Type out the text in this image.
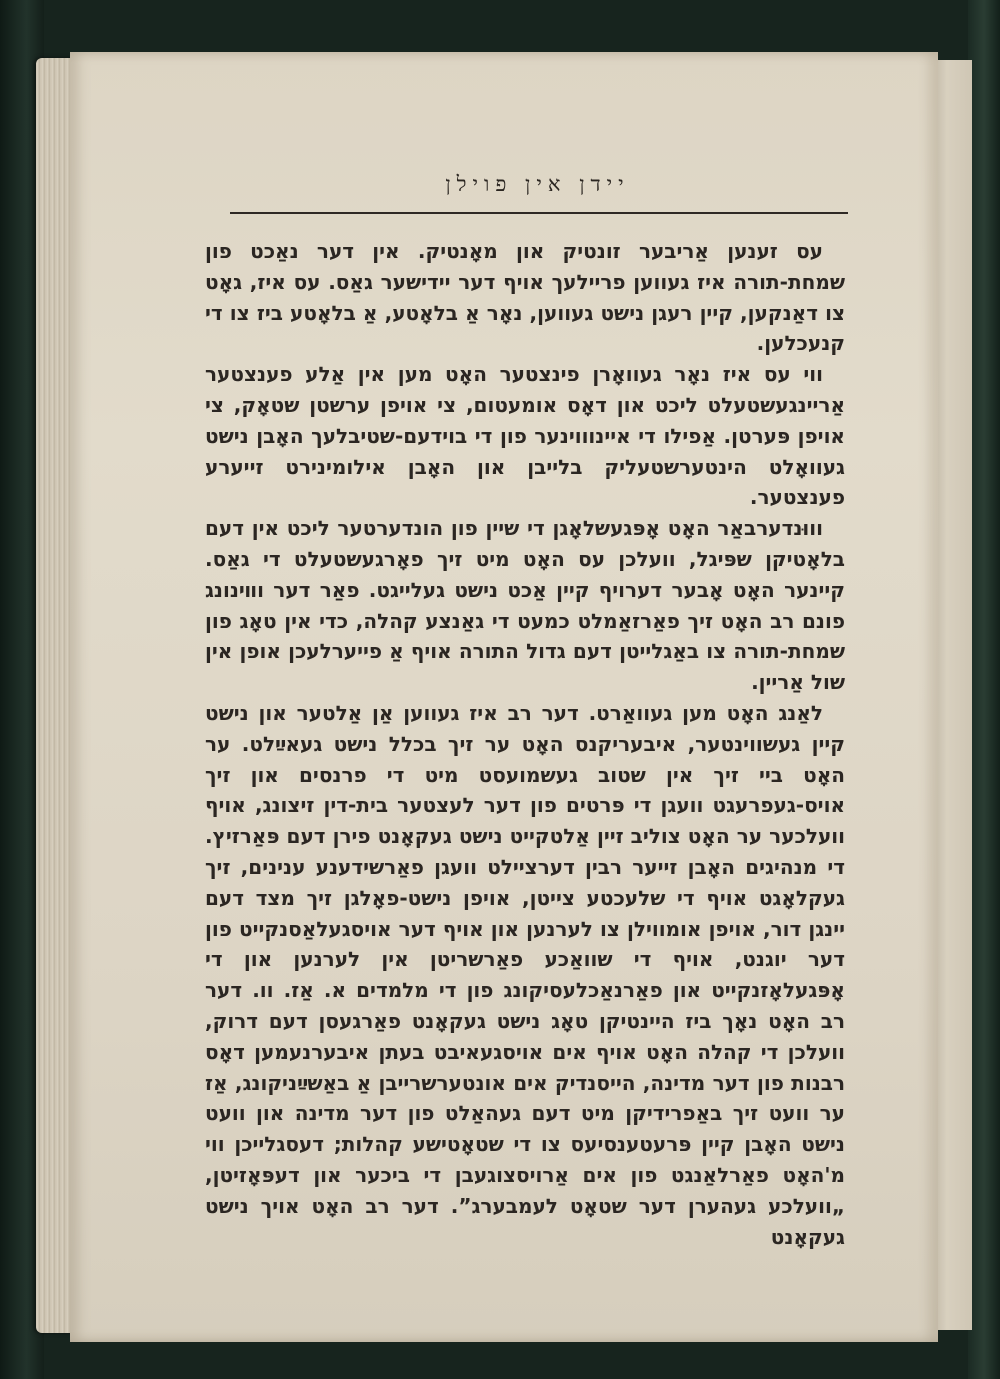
יידן אין פוילן

עס זענען אַריבער זונטיק און מאָנטיק. אין דער נאַכט פון שמחת-תורה איז געווען פריילעך אויף דער יידישער גאַס. עס איז, גאָט צו דאַנקען, קיין רעגן נישט געווען, נאָר אַ בלאָטע, אַ בלאָטע ביז צו די קנעכלען.

ווי עס איז נאָר געוואָרן פינצטער האָט מען אין אַלע פענצטער אַריינגעשטעלט ליכט און דאָס אומעטום, צי אויפן ערשטן שטאָק, צי אויפן פּערטן. אַפילו די איינוווינער פון די בוידעם-שטיבלעך האָבן נישט געוואָלט הינטערשטעליק בלייבן און האָבן אילומינירט זייערע פענצטער.

וווּנדערבאַר האָט אָפּגעשלאָגן די שיין פון הונדערטער ליכט אין דעם בלאָטיקן שפּיגל, וועלכן עס האָט מיט זיך פאָרגעשטעלט די גאַס. קיינער האָט אָבער דערויף קיין אַכט נישט געלייגט. פאַר דער ווױנונג פונם רב האָט זיך פאַרזאַמלט כמעט די גאַנצע קהלה, כדי אין טאָג פון שמחת-תורה צו באַגלייטן דעם גדול התורה אויף אַ פייערלעכן אופן אין שול אַריין.

לאַנג האָט מען געוואַרט. דער רב איז געווען אַן אַלטער און נישט קיין געשווינטער, איבעריקנס האָט ער זיך בכלל נישט געאײַלט. ער האָט ביי זיך אין שטוב געשמועסט מיט די פרנסים און זיך אויס-געפרעגט וועגן די פּרטים פון דער לעצטער בית-דין זיצונג, אויף וועלכער ער האָט צוליב זיין אַלטקייט נישט געקאָנט פירן דעם פּאַרזיץ. די מנהיגים האָבן זייער רבין דערציילט וועגן פאַרשידענע ענינים, זיך געקלאָגט אויף די שלעכטע צייטן, אויפן נישט-פאָלגן זיך מצד דעם יינגן דור, אויפן אומווילן צו לערנען און אויף דער אויסגעלאַסנקייט פון דער יוגנט, אויף די שוואַכע פאַרשריטן אין לערנען און די אָפּגעלאָזנקייט און פאַרנאַכלעסיקונג פון די מלמדים א. אַז. וו. דער רב האָט נאָך ביז היינטיקן טאָג נישט געקאָנט פאַרגעסן דעם דרוק, וועלכן די קהלה האָט אויף אים אויסגעאיבט בעתן איבערנעמען דאָס רבנות פון דער מדינה, הייסנדיק אים אונטערשרייבן אַ באַשײַניקונג, אַז ער וועט זיך באַפרידיקן מיט דעם געהאַלט פון דער מדינה און וועט נישט האָבן קיין פּרעטענסיעס צו די שטאָטישע קהלות; דעסגלייכן ווי מ'האָט פאַרלאַנגט פון אים אַרויסצוגעבן די ביכער און דעפּאָזיטן, „וועלכע געהערן דער שטאָט לעמבערג”. דער רב האָט אויך נישט געקאָנט
